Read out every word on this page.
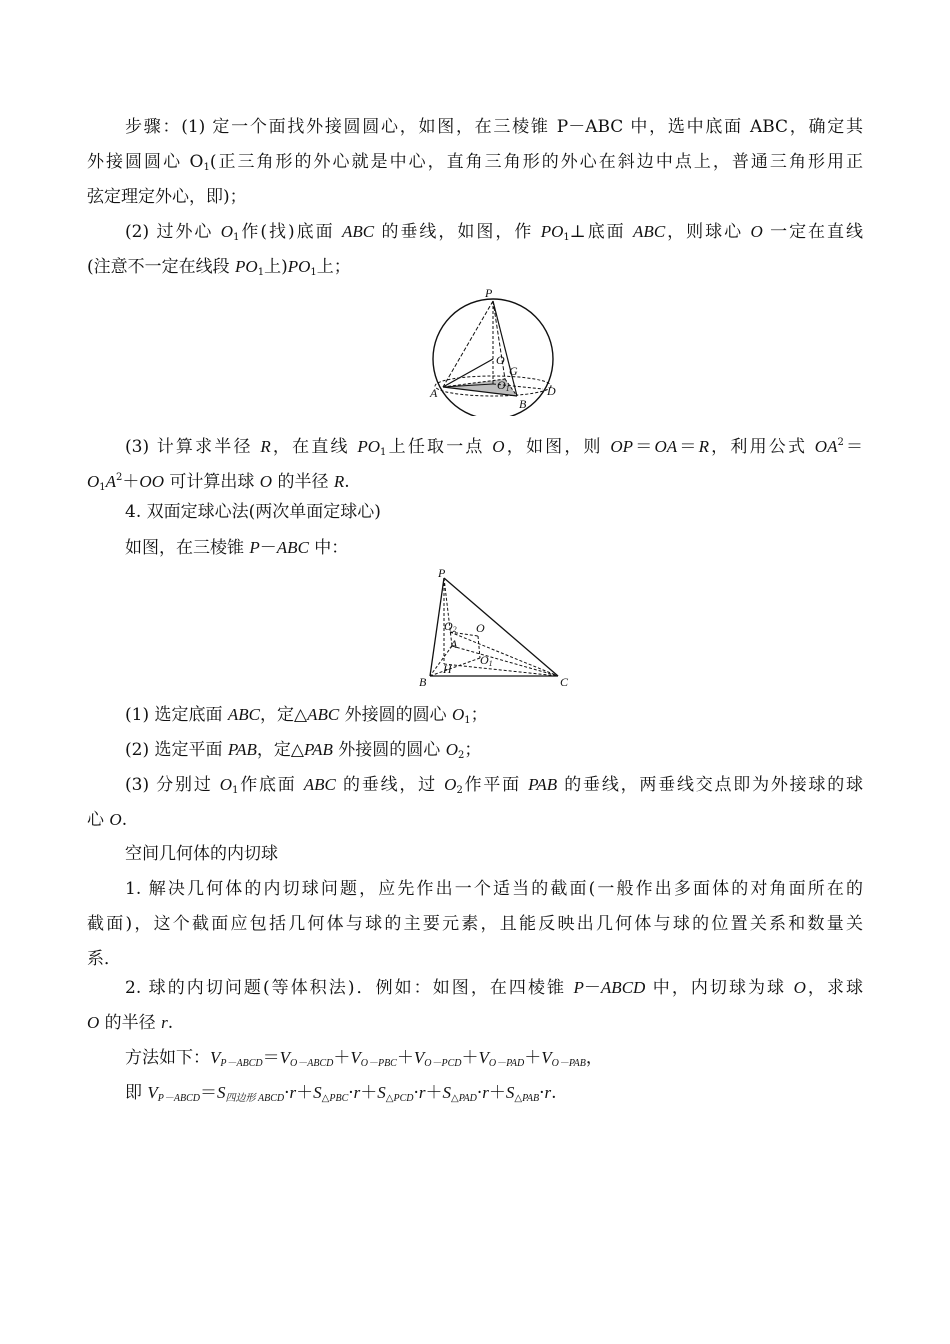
步骤：(1) 定一个面找外接圆圆心，如图，在三棱锥 P－ABC 中，选中底面 ABC，确定其

外接圆圆心 $O_1$(正三角形的外心就是中心，直角三角形的外心在斜边中点上，普通三角形用正

弦定理定外心，即)；

(2) 过外心 $O_1$作(找)底面 ABC 的垂线，如图，作 $PO_1\perp$底面 ABC，则球心 O 一定在直线

(注意不一定在线段 $PO_1$上)$PO_1$上；

P
O
G
O1
A	D
B

(3) 计算求半径 R，在直线 $PO_1$上任取一点 O，如图，则 OP＝OA＝R，利用公式 $OA^2=$

$O_1A^2+OO$ 可计算出球 O 的半径 R.

4. 双面定球心法(两次单面定球心)

如图，在三棱锥 P－ABC 中：

P
O2 O
A
O1
H
B	C

(1) 选定底面 ABC，定△ABC 外接圆的圆心 $O_1$；

(2) 选定平面 PAB，定△PAB 外接圆的圆心 $O_2$；

(3) 分别过 $O_1$作底面 ABC 的垂线，过 $O_2$作平面 PAB 的垂线，两垂线交点即为外接球的球

心 O.

空间几何体的内切球

1. 解决几何体的内切球问题，应先作出一个适当的截面(一般作出多面体的对角面所在的

截面)，这个截面应包括几何体与球的主要元素，且能反映出几何体与球的位置关系和数量关

系．

2. 球的内切问题(等体积法)．例如：如图，在四棱锥 P－ABCD 中，内切球为球 O，求球

O 的半径 r.

方法如下：$V_{P-ABCD}=V_{O-ABCD}+V_{O-PBC}+V_{O-PCD}+V_{O-PAD}+V_{O-PAB}$，

即 $V_{P-ABCD}=S_{四边形 ABCD}\cdot r+S_{\triangle PBC}\cdot r+S_{\triangle PCD}\cdot r+S_{\triangle PAD}\cdot r+S_{\triangle PAB}\cdot r$.
